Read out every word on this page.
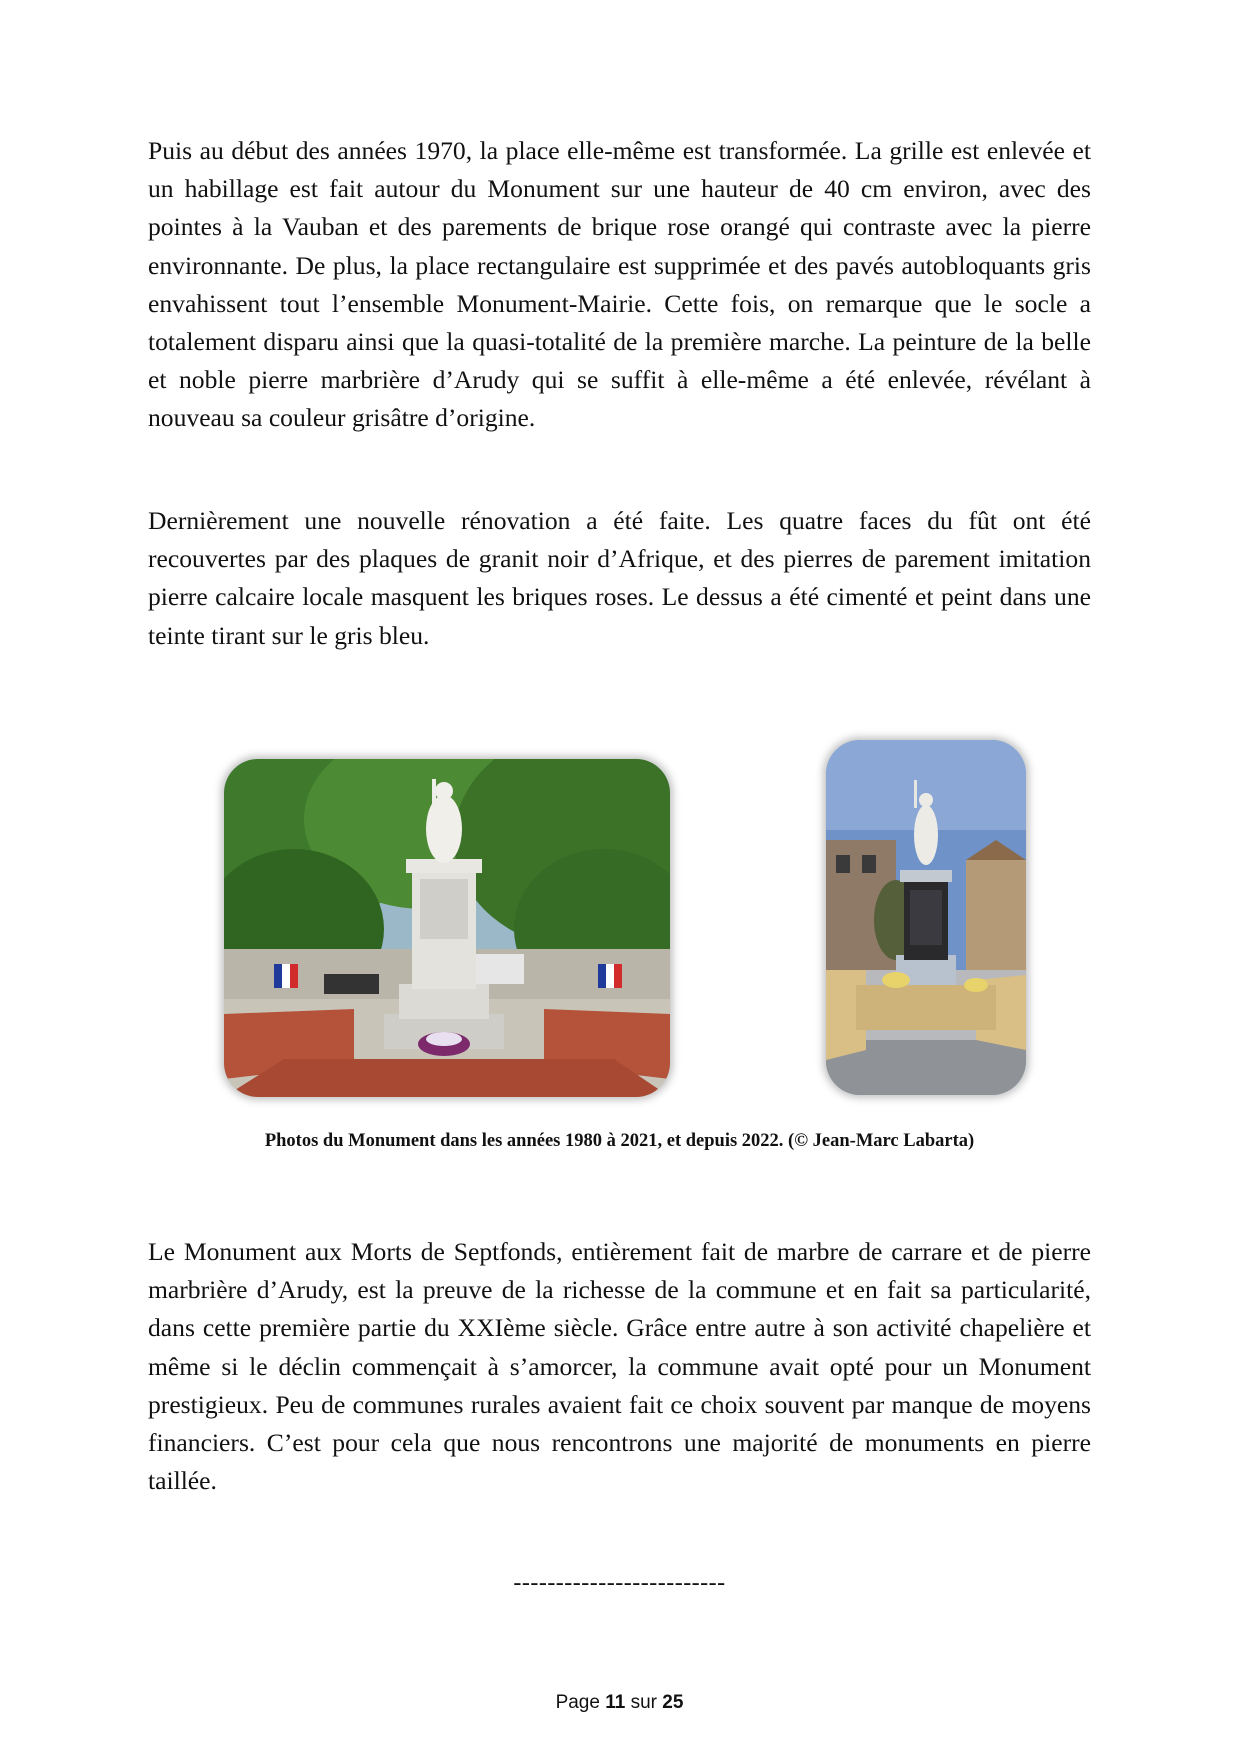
Puis au début des années 1970, la place elle-même est transformée. La grille est enlevée et un habillage est fait autour du Monument sur une hauteur de 40 cm environ, avec des pointes à la Vauban et des parements de brique rose orangé qui contraste avec la pierre environnante. De plus, la place rectangulaire est supprimée et des pavés autobloquants gris envahissent tout l’ensemble Monument-Mairie. Cette fois, on remarque que le socle a totalement disparu ainsi que la quasi-totalité de la première marche. La peinture de la belle et noble pierre marbrière d’Arudy qui se suffit à elle-même a été enlevée, révélant à nouveau sa couleur grisâtre d’origine.

Dernièrement une nouvelle rénovation a été faite. Les quatre faces du fût ont été recouvertes par des plaques de granit noir d’Afrique, et des pierres de parement imitation pierre calcaire locale masquent les briques roses. Le dessus a été cimenté et peint dans une teinte tirant sur le gris bleu.

Photos du Monument dans les années 1980 à 2021, et depuis 2022. (© Jean-Marc Labarta)

Le Monument aux Morts de Septfonds, entièrement fait de marbre de carrare et de pierre marbrière d’Arudy, est la preuve de la richesse de la commune et en fait sa particularité, dans cette première partie du XXIème siècle. Grâce entre autre à son activité chapelière et même si le déclin commençait à s’amorcer, la commune avait opté pour un Monument prestigieux. Peu de communes rurales avaient fait ce choix souvent par manque de moyens financiers. C’est pour cela que nous rencontrons une majorité de monuments en pierre taillée.

-------------------------

Page 11 sur 25
